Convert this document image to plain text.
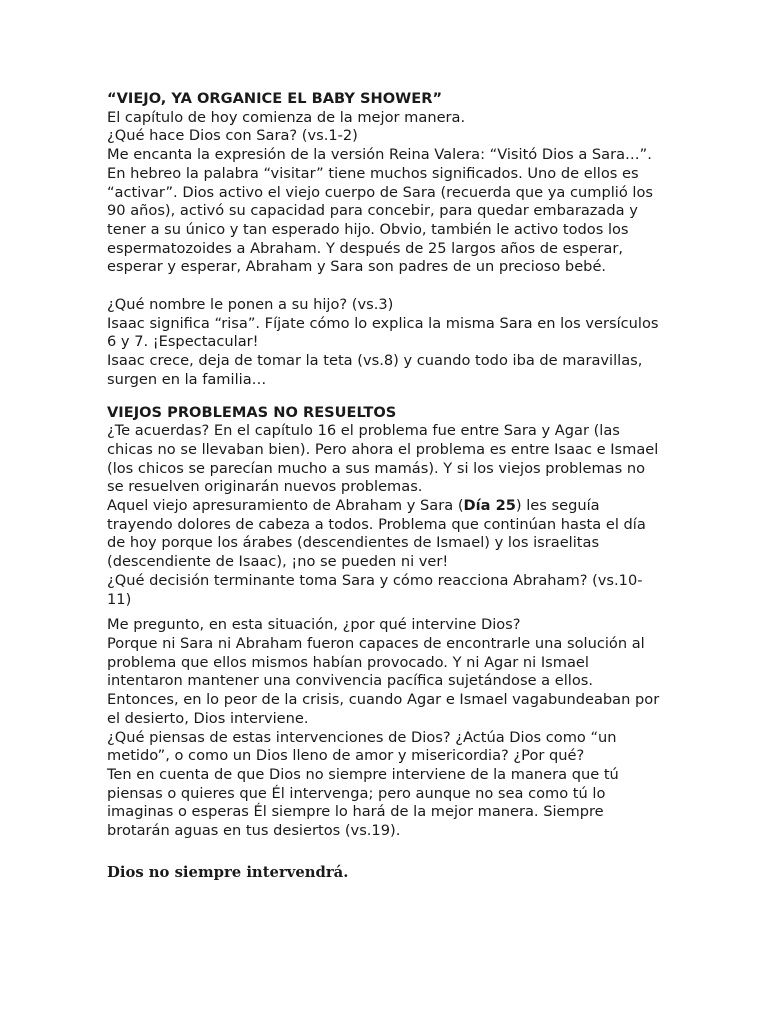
“VIEJO, YA ORGANICE EL BABY SHOWER”

El capítulo de hoy comienza de la mejor manera.

¿Qué hace Dios con Sara? (vs.1-2)

Me encanta la expresión de la versión Reina Valera: “Visitó Dios a Sara…”.

En hebreo la palabra “visitar” tiene muchos significados. Uno de ellos es

“activar”. Dios activo el viejo cuerpo de Sara (recuerda que ya cumplió los

90 años), activó su capacidad para concebir, para quedar embarazada y

tener a su único y tan esperado hijo. Obvio, también le activo todos los

espermatozoides a Abraham. Y después de 25 largos años de esperar,

esperar y esperar, Abraham y Sara son padres de un precioso bebé.

¿Qué nombre le ponen a su hijo? (vs.3)

Isaac significa “risa”. Fíjate cómo lo explica la misma Sara en los versículos

6 y 7. ¡Espectacular!

Isaac crece, deja de tomar la teta (vs.8) y cuando todo iba de maravillas,

surgen en la familia…

VIEJOS PROBLEMAS NO RESUELTOS

¿Te acuerdas? En el capítulo 16 el problema fue entre Sara y Agar (las

chicas no se llevaban bien). Pero ahora el problema es entre Isaac e Ismael

(los chicos se parecían mucho a sus mamás). Y si los viejos problemas no

se resuelven originarán nuevos problemas.

Aquel viejo apresuramiento de Abraham y Sara (Día 25) les seguía

trayendo dolores de cabeza a todos. Problema que continúan hasta el día

de hoy porque los árabes (descendientes de Ismael) y los israelitas

(descendiente de Isaac), ¡no se pueden ni ver!

¿Qué decisión terminante toma Sara y cómo reacciona Abraham? (vs.10-

11)

Me pregunto, en esta situación, ¿por qué intervine Dios?

Porque ni Sara ni Abraham fueron capaces de encontrarle una solución al

problema que ellos mismos habían provocado. Y ni Agar ni Ismael

intentaron mantener una convivencia pacífica sujetándose a ellos.

Entonces, en lo peor de la crisis, cuando Agar e Ismael vagabundeaban por

el desierto, Dios interviene.

¿Qué piensas de estas intervenciones de Dios? ¿Actúa Dios como “un

metido”, o como un Dios lleno de amor y misericordia? ¿Por qué?

Ten en cuenta de que Dios no siempre interviene de la manera que tú

piensas o quieres que Él intervenga; pero aunque no sea como tú lo

imaginas o esperas Él siempre lo hará de la mejor manera. Siempre

brotarán aguas en tus desiertos (vs.19).

Dios no siempre intervendrá.
